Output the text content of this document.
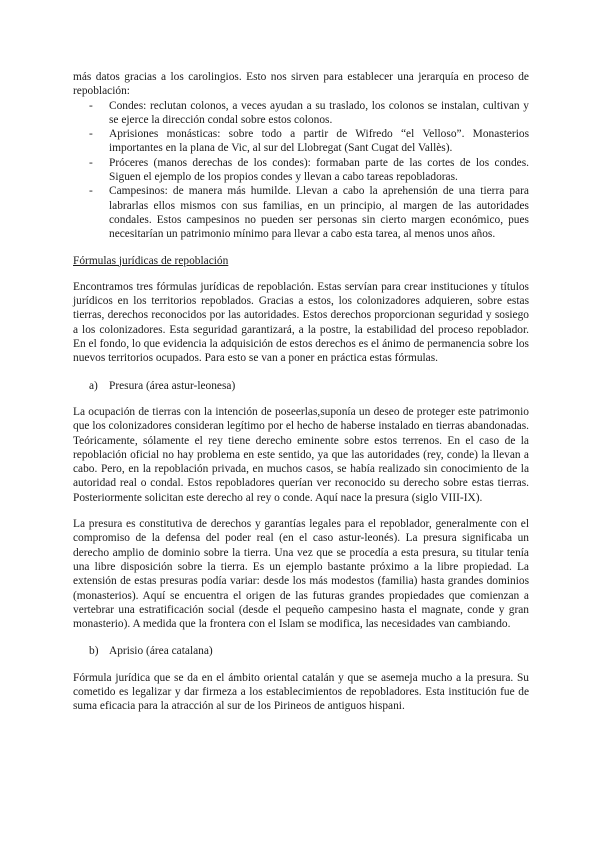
más datos gracias a los carolingios. Esto nos sirven para establecer una jerarquía en proceso de repoblación:

- Condes: reclutan colonos, a veces ayudan a su traslado, los colonos se instalan, cultivan y se ejerce la dirección condal sobre estos colonos.
- Aprisiones monásticas: sobre todo a partir de Wifredo “el Velloso”. Monasterios importantes en la plana de Vic, al sur del Llobregat (Sant Cugat del Vallès).
- Próceres (manos derechas de los condes): formaban parte de las cortes de los condes. Siguen el ejemplo de los propios condes y llevan a cabo tareas repobladoras.
- Campesinos: de manera más humilde. Llevan a cabo la aprehensión de una tierra para labrarlas ellos mismos con sus familias, en un principio, al margen de las autoridades condales. Estos campesinos no pueden ser personas sin cierto margen económico, pues necesitarían un patrimonio mínimo para llevar a cabo esta tarea, al menos unos años.

Fórmulas jurídicas de repoblación

Encontramos tres fórmulas jurídicas de repoblación. Estas servían para crear instituciones y títulos jurídicos en los territorios repoblados. Gracias a estos, los colonizadores adquieren, sobre estas tierras, derechos reconocidos por las autoridades. Estos derechos proporcionan seguridad y sosiego a los colonizadores. Esta seguridad garantizará, a la postre, la estabilidad del proceso repoblador. En el fondo, lo que evidencia la adquisición de estos derechos es el ánimo de permanencia sobre los nuevos territorios ocupados. Para esto se van a poner en práctica estas fórmulas.

a) Presura (área astur-leonesa)

La ocupación de tierras con la intención de poseerlas,suponía un deseo de proteger este patrimonio que los colonizadores consideran legítimo por el hecho de haberse instalado en tierras abandonadas. Teóricamente, sólamente el rey tiene derecho eminente sobre estos terrenos. En el caso de la repoblación oficial no hay problema en este sentido, ya que las autoridades (rey, conde) la llevan a cabo. Pero, en la repoblación privada, en muchos casos, se había realizado sin conocimiento de la autoridad real o condal. Estos repobladores querían ver reconocido su derecho sobre estas tierras. Posteriormente solicitan este derecho al rey o conde. Aquí nace la presura (siglo VIII-IX).

La presura es constitutiva de derechos y garantías legales para el repoblador, generalmente con el compromiso de la defensa del poder real (en el caso astur-leonés). La presura significaba un derecho amplio de dominio sobre la tierra. Una vez que se procedía a esta presura, su titular tenía una libre disposición sobre la tierra. Es un ejemplo bastante próximo a la libre propiedad. La extensión de estas presuras podía variar: desde los más modestos (familia) hasta grandes dominios (monasterios). Aquí se encuentra el origen de las futuras grandes propiedades que comienzan a vertebrar una estratificación social (desde el pequeño campesino hasta el magnate, conde y gran monasterio). A medida que la frontera con el Islam se modifica, las necesidades van cambiando.

b) Aprisio (área catalana)

Fórmula jurídica que se da en el ámbito oriental catalán y que se asemeja mucho a la presura. Su cometido es legalizar y dar firmeza a los establecimientos de repobladores. Esta institución fue de suma eficacia para la atracción al sur de los Pirineos de antiguos hispani.
